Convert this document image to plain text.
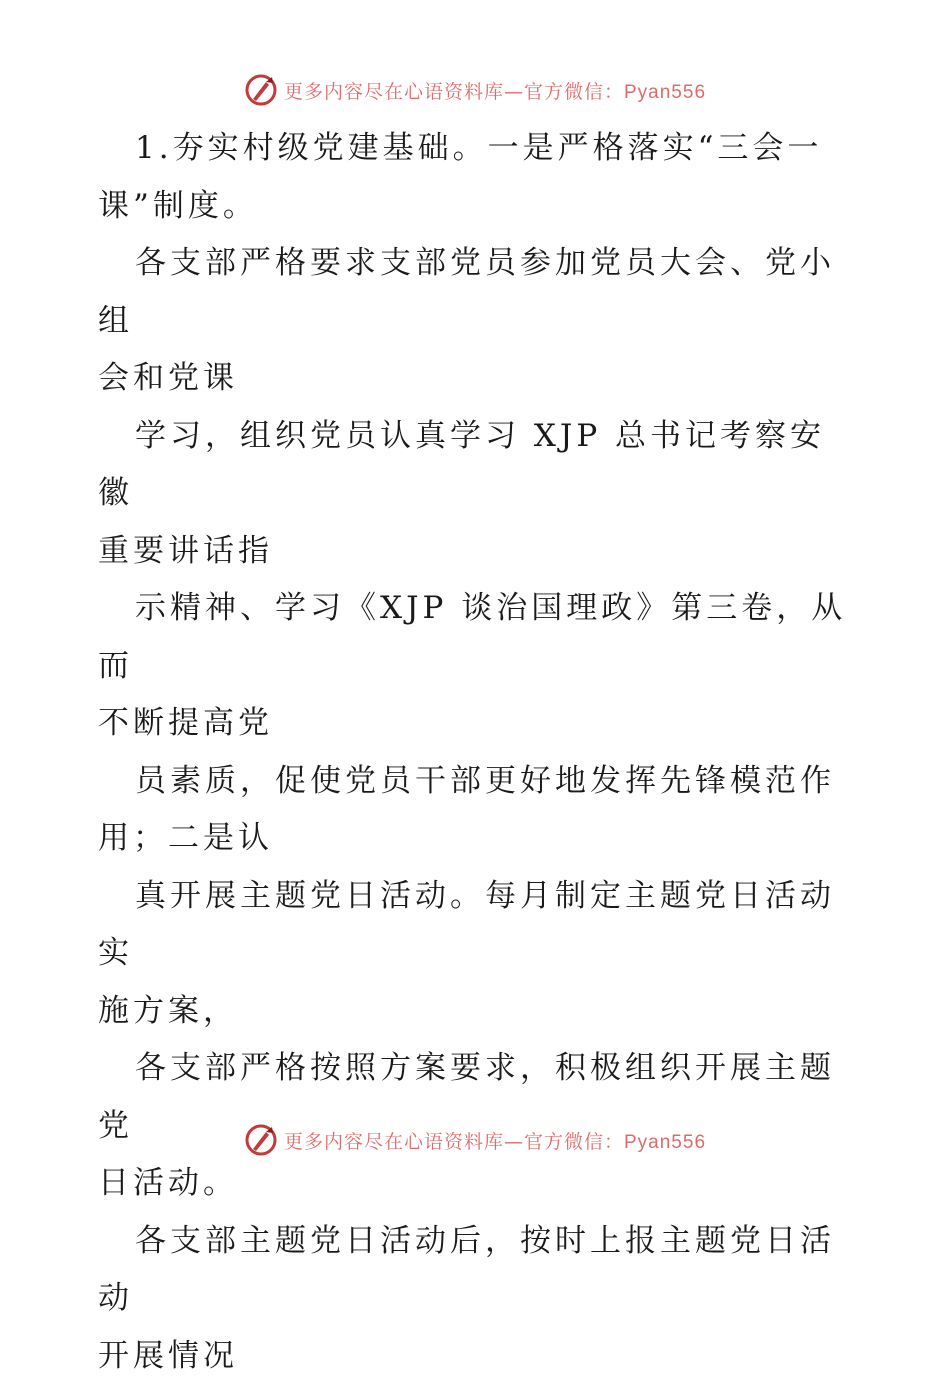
更多内容尽在心语资料库—官方微信：Pyan556

1.夯实村级党建基础。一是严格落实“三会一
课”制度。

各支部严格要求支部党员参加党员大会、党小组
会和党课

学习，组织党员认真学习 XJP 总书记考察安徽
重要讲话指

示精神、学习《XJP 谈治国理政》第三卷，从而
不断提高党

员素质，促使党员干部更好地发挥先锋模范作
用；二是认

真开展主题党日活动。每月制定主题党日活动实
施方案，

各支部严格按照方案要求，积极组织开展主题党
日活动。

各支部主题党日活动后，按时上报主题党日活动
开展情况

更多内容尽在心语资料库—官方微信：Pyan556
